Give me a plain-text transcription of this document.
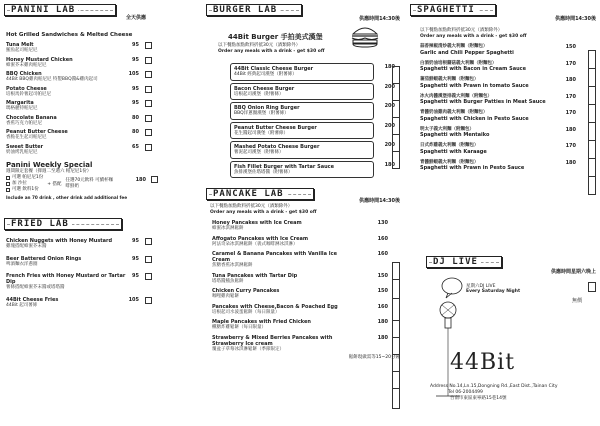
PANINI LAB
全天供應
Hot Grilled Sandwiches & Melted Cheese
Tuna Melt
鮪魚起司帕尼尼
95
Honey Mustard Chicken
蜂蜜芥末雞肉帕尼尼
95
BBQ Chicken
44Bit BBQ雞肉帕尼尼 特製BBQ醬&雞肉起司
105
Potato Cheese
培根馬鈴薯起司帕尼尼
95
Margarita
瑪格麗特帕尼尼
95
Chocolate Banana
香蕉巧克力帕尼尼
80
Peanut Butter Cheese
香脆花生起司帕尼尼
80
Sweet Butter
奶油烤乳帕尼尼
65
Panini Weekly Special
180
週間限定套餐（擇週二至週六 帕尼尼1份）
可選 帕尼尼1份
加 沙拉
可選 飲料1份
+ 搭配
任選70元飲料 可續杯咖啡鮮奶
Include an 70 drink , other drink add additional fee
FRIED LAB
Chicken Nuggets with Honey Mustard
雞塊搭配蜂蜜芥末醬
95
Beer Battered Onion Rings
啤酒麵衣洋蔥圈
95
French Fries with Honey Mustard or Tartar Dip
薯條搭配蜂蜜芥末醬或塔塔醬
95
44Bit Cheese Fries
44Bit 起司薯條
105
BURGER LAB
供應時間14:30後
44Bit Burger 手拍美式漢堡
以下餐點加點飲料折抵30元（酒類除外）
Order any meals with a drink - get $30 off
44Bit Classic Cheese Burger
44Bit 經典起司漢堡（附薯條）
180
Bacon Cheese Burger
培根起司漢堡（附薯條）
200
BBQ Onion Ring Burger
BBQ洋蔥圈漢堡（附薯條）
200
Peanut Butter Cheese Burger
花生醬起司漢堡（附薯條）
200
Mashed Potato Cheese Burger
薯泥起司漢堡（附薯條）
200
Fish Fillet Burger with Tartar Sauce
魚排漢堡佐塔塔醬（附薯條）
180
PANCAKE LAB
供應時間14:30後
以下餐點加點飲料折抵30元（酒類除外）
Order any meals with a drink - get $30 off
Honey Pancakes with Ice Cream
蜂蜜冰淇淋鬆餅
130
Affogato Pancakes with Ice Cream
阿法奇朵冰淇淋鬆餅（義式咖啡淋冰淇淋）
160
Caramel & Banana Pancakes with Vanilla Ice Cream
焦糖香蕉冰淇淋鬆餅
160
Tuna Pancakes with Tartar Dip
塔塔醬鮪魚鬆餅
150
Chicken Curry Pancakes
咖哩雞肉鬆餅
150
Pancakes with Cheese,Bacon & Poached Egg
培根起司水波蛋鬆餅（每日限量）
160
Maple Pancakes with Fried Chicken
楓糖炸雞鬆餅（每日限量）
180
Strawberry & Mixed Berries Pancakes with Strawberry Ice cream
覆盆子草莓冰淇淋鬆餅（季節限定）
180
鬆餅現做需等15~20分鐘
SPAGHETTI
供應時間14:30後
以下餐點加點飲料折抵30元（酒類除外）
Order any meals with a drink - get $30 off
蒜香辣椒清炒義大利麵（附麵包）
Garlic and Chili Pepper Spaghetti
150
白酒奶油培根蘑菇義大利麵（附麵包）
Spaghetti with Bacon in Cream Sauce
170
蕃茄鮮蝦義大利麵（附麵包）
Spaghetti with Prawn in tomato Sauce
180
冰火肉醬漢堡排義大利麵（附麵包）
Spaghetti with Burger Patties in Meat Sauce
170
青醬奶油雞肉義大利麵（附麵包）
Spaghetti with Chicken in Pesto Sauce
170
明太子義大利麵（附麵包）
Spaghetti with Mentaiko
180
日式炸雞義大利麵（附麵包）
Spaghetti with Karaage
170
青醬鮮蝦義大利麵（附麵包）
Spaghetti with Prawn in Pesto Sauce
180
DJ LIVE
供應時間星期六晚上
無價
星期六DJ LIVE
Every Saturday Night
44Bit
Address No.14,Ln.15,Dongning Rd.,East Dist.,Tainan City
Tel 06-2004499
台南市東區東寧路15巷14號
